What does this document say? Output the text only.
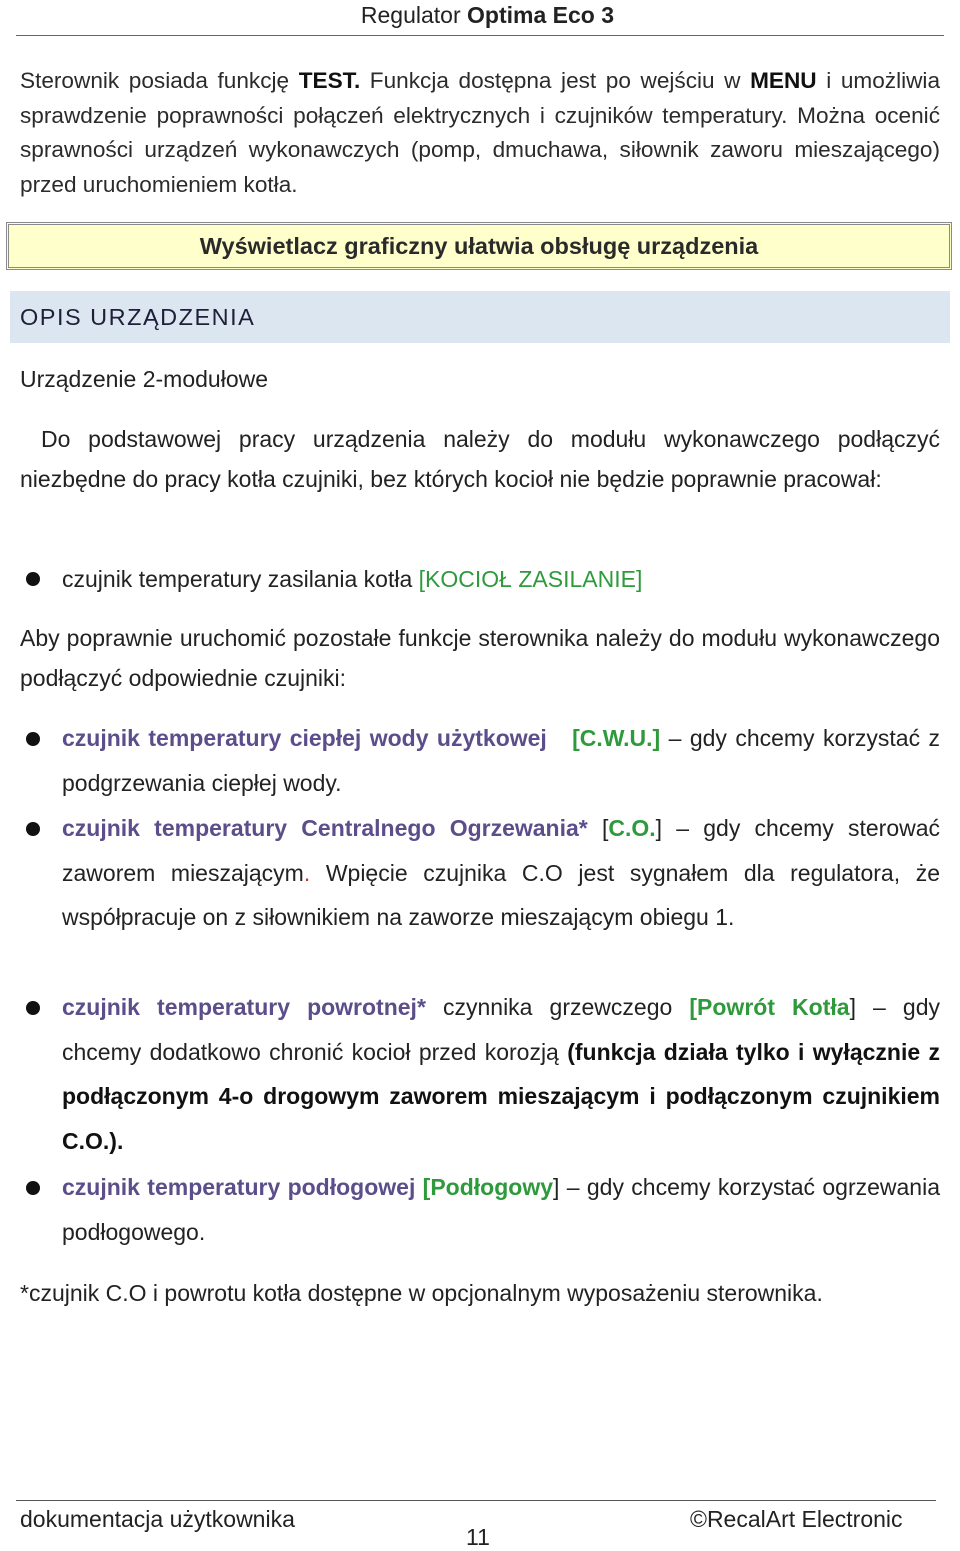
Regulator Optima Eco 3
Sterownik posiada funkcję TEST. Funkcja dostępna jest po wejściu w MENU i umożliwia sprawdzenie poprawności połączeń elektrycznych i czujników temperatury. Można ocenić sprawności urządzeń wykonawczych (pomp, dmuchawa, siłownik zaworu mieszającego) przed uruchomieniem kotła.
Wyświetlacz graficzny ułatwia obsługę urządzenia
OPIS URZĄDZENIA
Urządzenie 2-modułowe
Do podstawowej pracy urządzenia należy do modułu wykonawczego podłączyć niezbędne do pracy kotła czujniki, bez których kocioł nie będzie poprawnie pracował:
czujnik temperatury zasilania kotła [KOCIOŁ ZASILANIE]
Aby poprawnie uruchomić pozostałe funkcje sterownika należy do modułu wykonawczego podłączyć odpowiednie czujniki:
czujnik temperatury ciepłej wody użytkowej [C.W.U.] – gdy chcemy korzystać z podgrzewania ciepłej wody.
czujnik temperatury Centralnego Ogrzewania* [C.O.] – gdy chcemy sterować zaworem mieszającym. Wpięcie czujnika C.O jest sygnałem dla regulatora, że współpracuje on z siłownikiem na zaworze mieszającym obiegu 1.
czujnik temperatury powrotnej* czynnika grzewczego [Powrót Kotła] – gdy chcemy dodatkowo chronić kocioł przed korozją (funkcja działa tylko i wyłącznie z podłączonym 4-o drogowym zaworem mieszającym i podłączonym czujnikiem C.O.).
czujnik temperatury podłogowej [Podłogowy] – gdy chcemy korzystać ogrzewania podłogowego.
*czujnik C.O i powrotu kotła dostępne w opcjonalnym wyposażeniu sterownika.
dokumentacja użytkownika
11
©RecalArt Electronic
